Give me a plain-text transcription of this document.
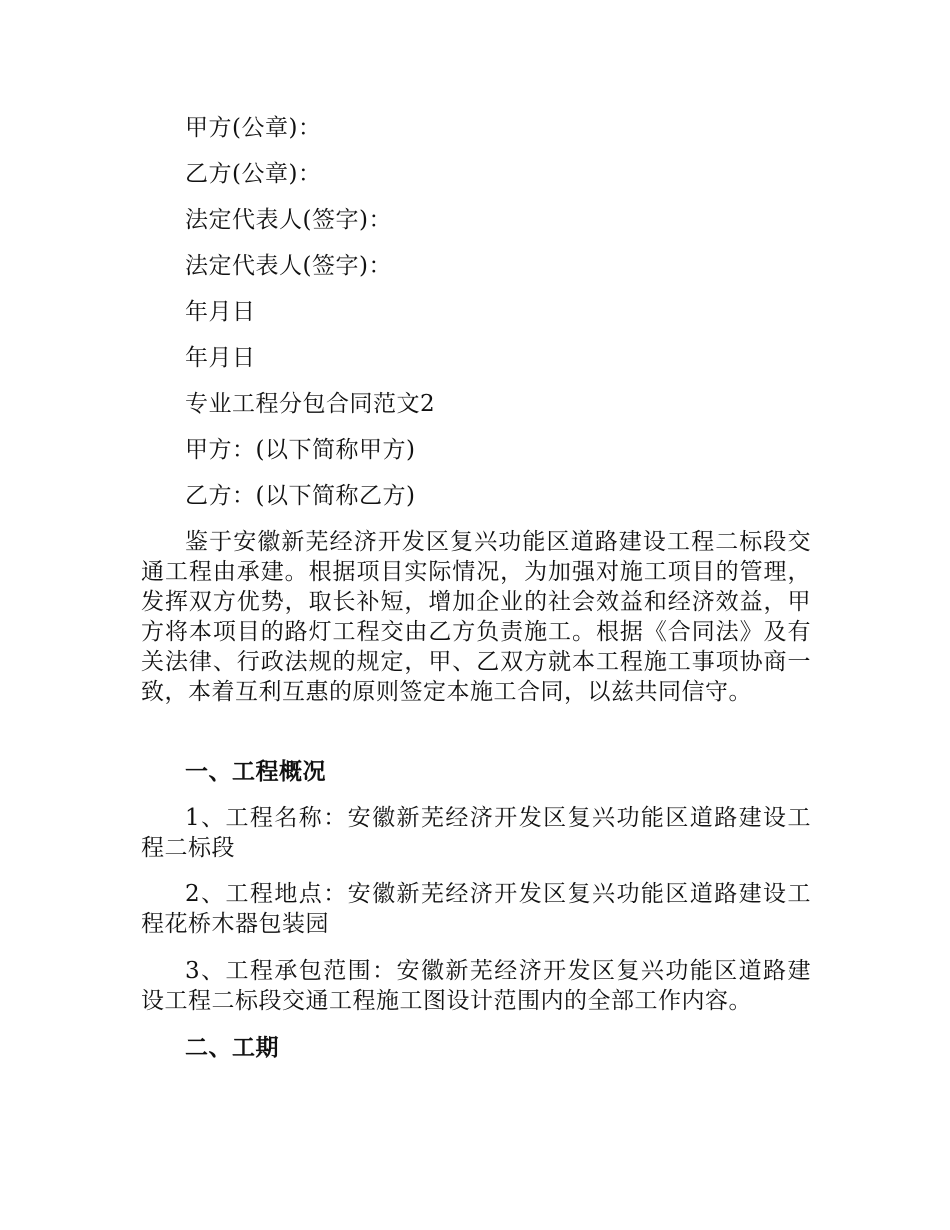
甲方(公章)：
乙方(公章)：
法定代表人(签字)：
法定代表人(签字)：
年月日
年月日
专业工程分包合同范文2
甲方：(以下简称甲方)
乙方：(以下简称乙方)
鉴于安徽新芜经济开发区复兴功能区道路建设工程二标段交通工程由承建。根据项目实际情况，为加强对施工项目的管理，发挥双方优势，取长补短，增加企业的社会效益和经济效益，甲方将本项目的路灯工程交由乙方负责施工。根据《合同法》及有关法律、行政法规的规定，甲、乙双方就本工程施工事项协商一致，本着互利互惠的原则签定本施工合同，以兹共同信守。
一、工程概况
1、工程名称：安徽新芜经济开发区复兴功能区道路建设工程二标段
2、工程地点：安徽新芜经济开发区复兴功能区道路建设工程花桥木器包装园
3、工程承包范围：安徽新芜经济开发区复兴功能区道路建设工程二标段交通工程施工图设计范围内的全部工作内容。
二、工期
